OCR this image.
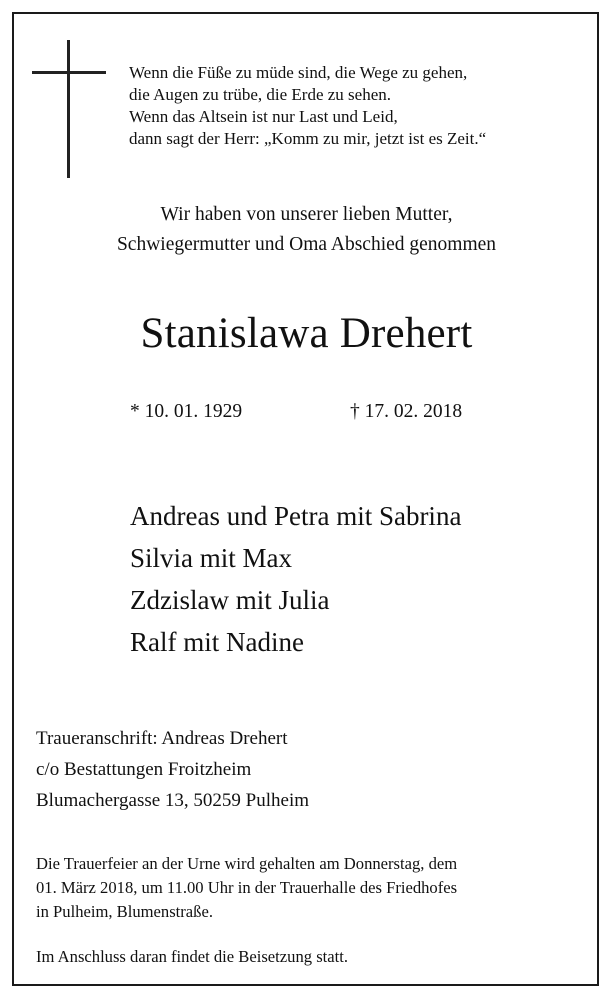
Wenn die Füße zu müde sind, die Wege zu gehen,
die Augen zu trübe, die Erde zu sehen.
Wenn das Altsein ist nur Last und Leid,
dann sagt der Herr: „Komm zu mir, jetzt ist es Zeit.“
Wir haben von unserer lieben Mutter,
Schwiegermutter und Oma Abschied genommen
Stanislawa Drehert
* 10. 01. 1929	† 17. 02. 2018
Andreas und Petra mit Sabrina
Silvia mit Max
Zdzislaw mit Julia
Ralf mit Nadine
Traueranschrift: Andreas Drehert
c/o Bestattungen Froitzheim
Blumachergasse 13, 50259 Pulheim
Die Trauerfeier an der Urne wird gehalten am Donnerstag, dem
01. März 2018, um 11.00 Uhr in der Trauerhalle des Friedhofes
in Pulheim, Blumenstraße.
Im Anschluss daran findet die Beisetzung statt.
